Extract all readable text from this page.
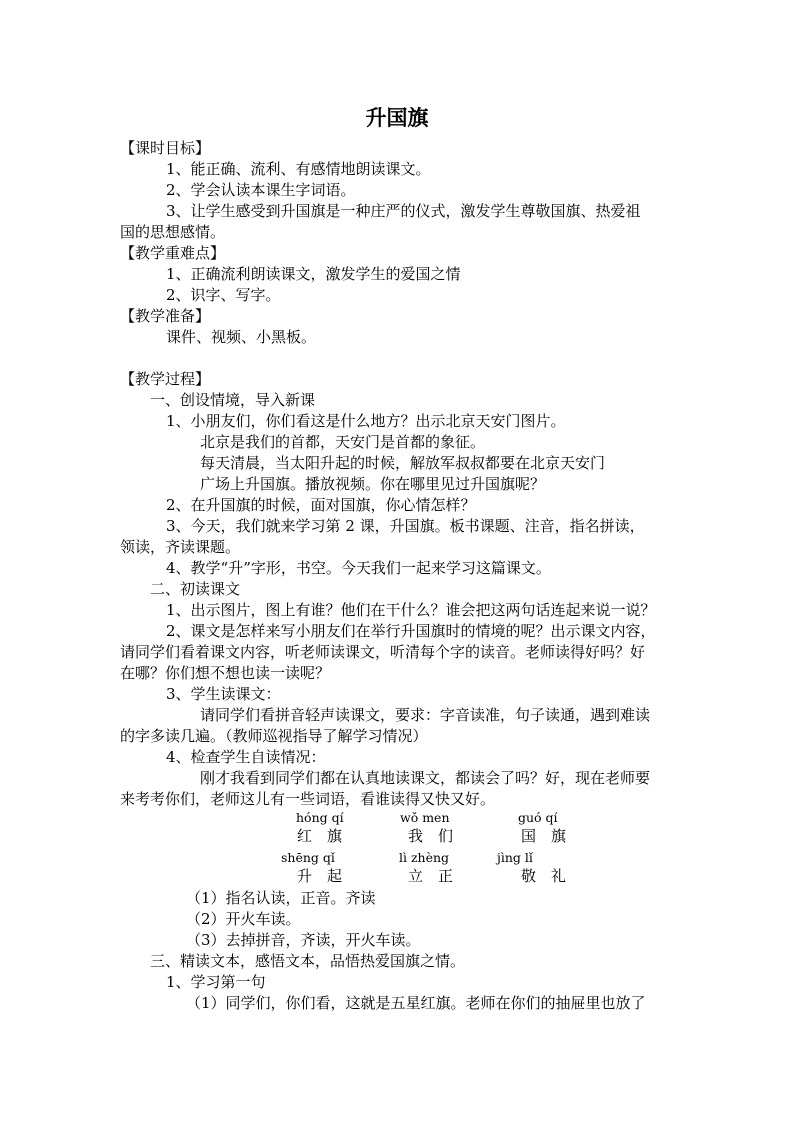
升国旗
【课时目标】
1、能正确、流利、有感情地朗读课文。
2、学会认读本课生字词语。
3、让学生感受到升国旗是一种庄严的仪式，激发学生尊敬国旗、热爱祖
国的思想感情。
【教学重难点】
1、正确流利朗读课文，激发学生的爱国之情
2、识字、写字。
【教学准备】
课件、视频、小黑板。
【教学过程】
一、创设情境，导入新课
1、小朋友们，你们看这是什么地方？出示北京天安门图片。
北京是我们的首都，天安门是首都的象征。
每天清晨，当太阳升起的时候，解放军叔叔都要在北京天安门
广场上升国旗。播放视频。你在哪里见过升国旗呢？
2、在升国旗的时候，面对国旗，你心情怎样？
3、今天，我们就来学习第 2 课，升国旗。板书课题、注音，指名拼读，
领读，齐读课题。
4、教学“升”字形，书空。今天我们一起来学习这篇课文。
二、初读课文
1、出示图片，图上有谁？他们在干什么？谁会把这两句话连起来说一说？
2、课文是怎样来写小朋友们在举行升国旗时的情境的呢？出示课文内容，
请同学们看着课文内容，听老师读课文，听清每个字的读音。老师读得好吗？好
在哪？你们想不想也读一读呢？
3、学生读课文：
请同学们看拼音轻声读课文，要求：字音读准，句子读通，遇到难读
的字多读几遍。（教师巡视指导了解学习情况）
4、检查学生自读情况：
刚才我看到同学们都在认真地读课文，都读会了吗？好，现在老师要
来考考你们，老师这儿有一些词语，看谁读得又快又好。
hóng qí	wǒ men	guó qí
红　旗	我　们	国　旗
shēng qǐ	lì zhèng	jìng lǐ
升　起	立　正	敬　礼
（1）指名认读，正音。齐读
（2）开火车读。
（3）去掉拼音，齐读，开火车读。
三、精读文本，感悟文本，品悟热爱国旗之情。
1、学习第一句
（1）同学们，你们看，这就是五星红旗。老师在你们的抽屉里也放了
